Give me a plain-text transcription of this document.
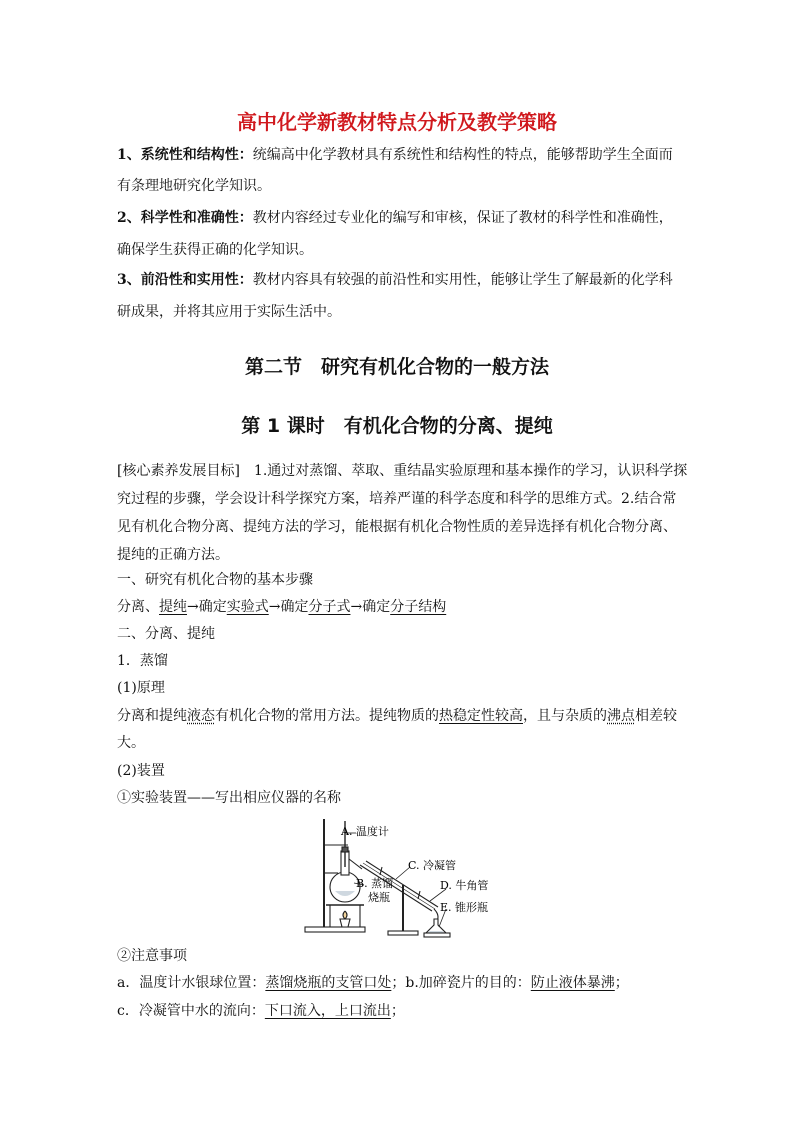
高中化学新教材特点分析及教学策略
1、系统性和结构性：统编高中化学教材具有系统性和结构性的特点，能够帮助学生全面而
有条理地研究化学知识。
2、科学性和准确性：教材内容经过专业化的编写和审核，保证了教材的科学性和准确性，
确保学生获得正确的化学知识。
3、前沿性和实用性：教材内容具有较强的前沿性和实用性，能够让学生了解最新的化学科
研成果，并将其应用于实际生活中。
第二节　研究有机化合物的一般方法
第 1 课时　有机化合物的分离、提纯
[核心素养发展目标]　1.通过对蒸馏、萃取、重结晶实验原理和基本操作的学习，认识科学探
究过程的步骤，学会设计科学探究方案，培养严谨的科学态度和科学的思维方式。2.结合常
见有机化合物分离、提纯方法的学习，能根据有机化合物性质的差异选择有机化合物分离、
提纯的正确方法。
一、研究有机化合物的基本步骤
分离、提纯→确定实验式→确定分子式→确定分子结构
二、分离、提纯
1．蒸馏
(1)原理
分离和提纯液态有机化合物的常用方法。提纯物质的热稳定性较高，且与杂质的沸点相差较
大。
(2)装置
①实验装置——写出相应仪器的名称
A. 温度计
B. 蒸馏
烧瓶
C. 冷凝管
D. 牛角管
E. 锥形瓶
②注意事项
a．温度计水银球位置：蒸馏烧瓶的支管口处；b.加碎瓷片的目的：防止液体暴沸；
c．冷凝管中水的流向：下口流入，上口流出；
